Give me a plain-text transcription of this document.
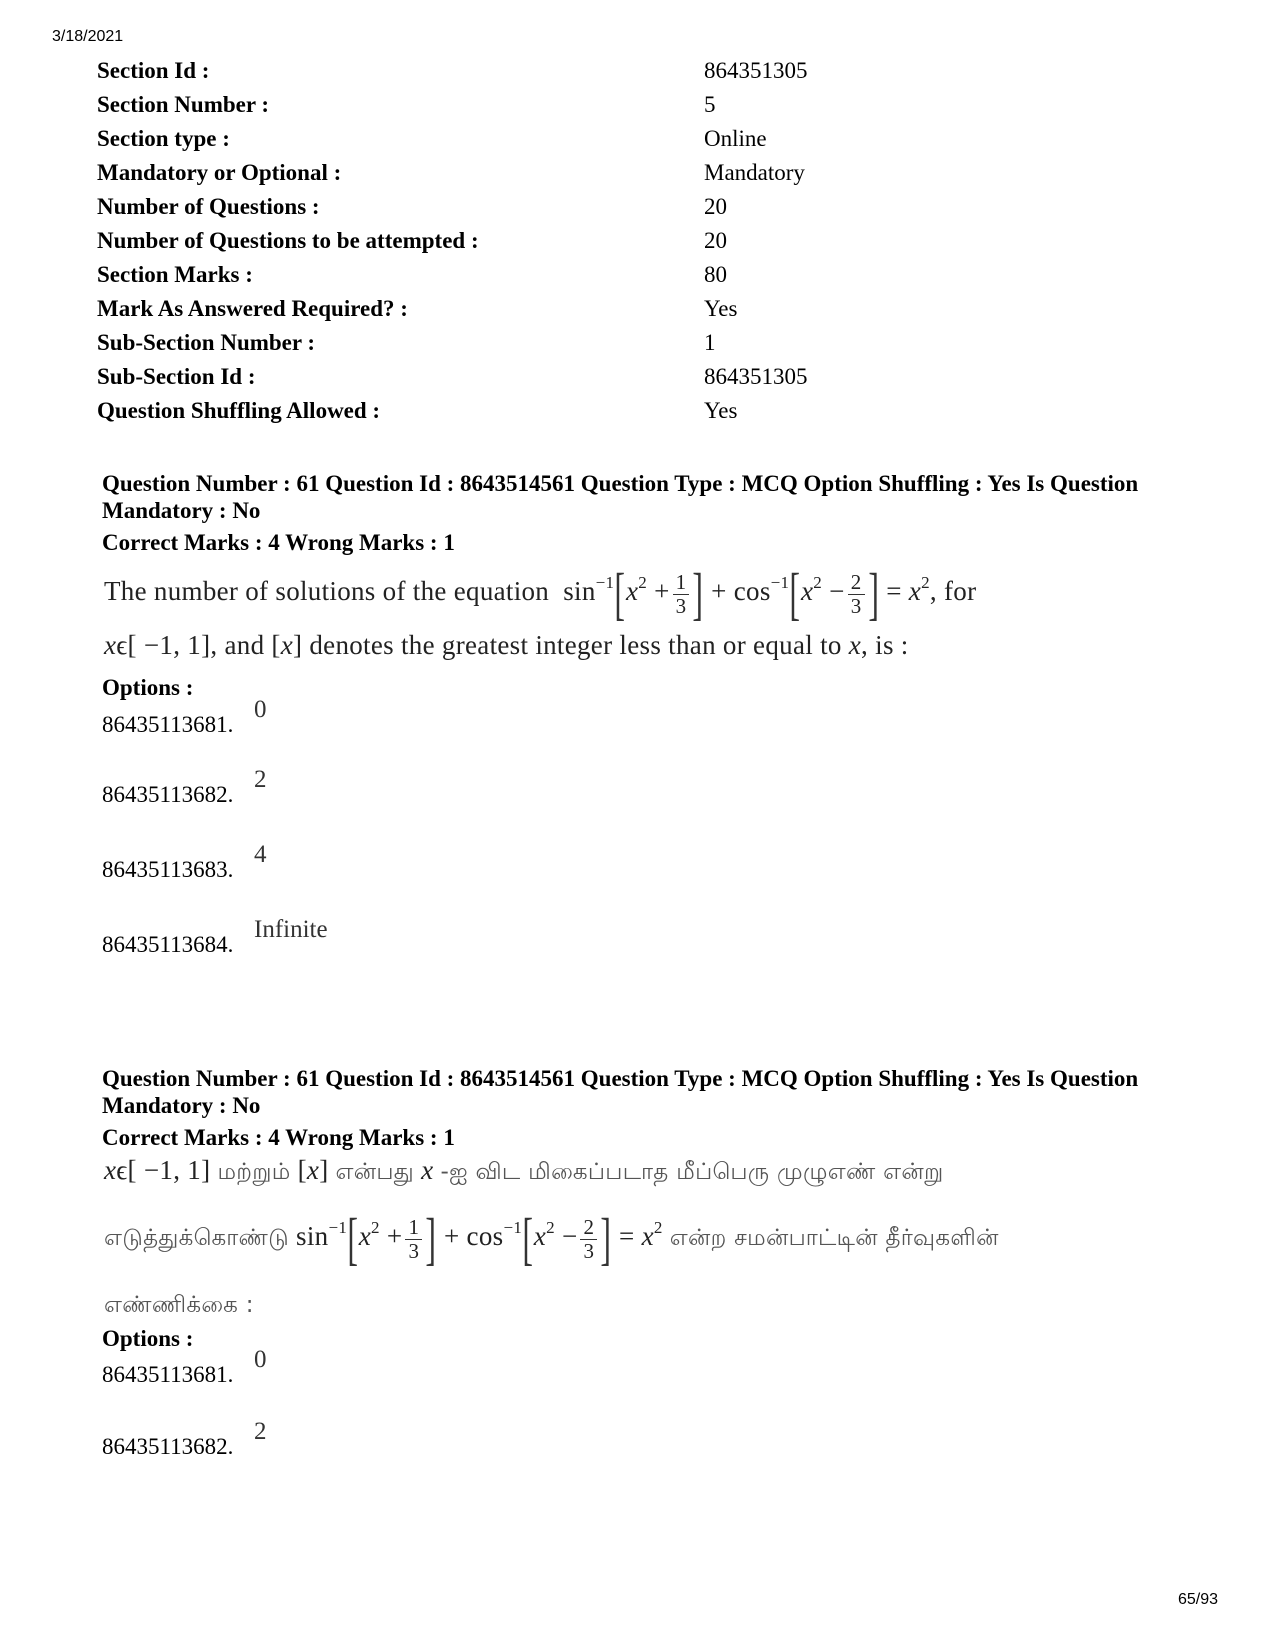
3/18/2021
Section Id :	864351305
Section Number :	5
Section type :	Online
Mandatory or Optional :	Mandatory
Number of Questions :	20
Number of Questions to be attempted :	20
Section Marks :	80
Mark As Answered Required? :	Yes
Sub-Section Number :	1
Sub-Section Id :	864351305
Question Shuffling Allowed :	Yes
Question Number : 61 Question Id : 8643514561 Question Type : MCQ Option Shuffling : Yes Is Question Mandatory : No
Correct Marks : 4 Wrong Marks : 1
The number of solutions of the equation $\sin^{-1}[x^2 + \frac{1}{3}$ ] + $\cos^{-1}[x^2 - \frac{2}{3}$ ] = $x^2$, for
xϵ[ −1, 1], and [x] denotes the greatest integer less than or equal to x, is :
Options :
86435113681.
0
86435113682.
2
86435113683.
4
86435113684.
Infinite
Question Number : 61 Question Id : 8643514561 Question Type : MCQ Option Shuffling : Yes Is Question Mandatory : No
Correct Marks : 4 Wrong Marks : 1
xϵ[ −1, 1] மற்றும் [x] என்பது x -ஐ விட மிகைப்படாத மீப்பெரு முழுஎண் என்று
எடுத்துக்கொண்டு $\sin^{-1}[x^2 + \frac{1}{3}$ ] + $\cos^{-1}[x^2 - \frac{2}{3}$ ] = $x^2$ என்ற சமன்பாட்டின் தீர்வுகளின்
எண்ணிக்கை :
Options :
86435113681.
0
86435113682.
2
65/93
